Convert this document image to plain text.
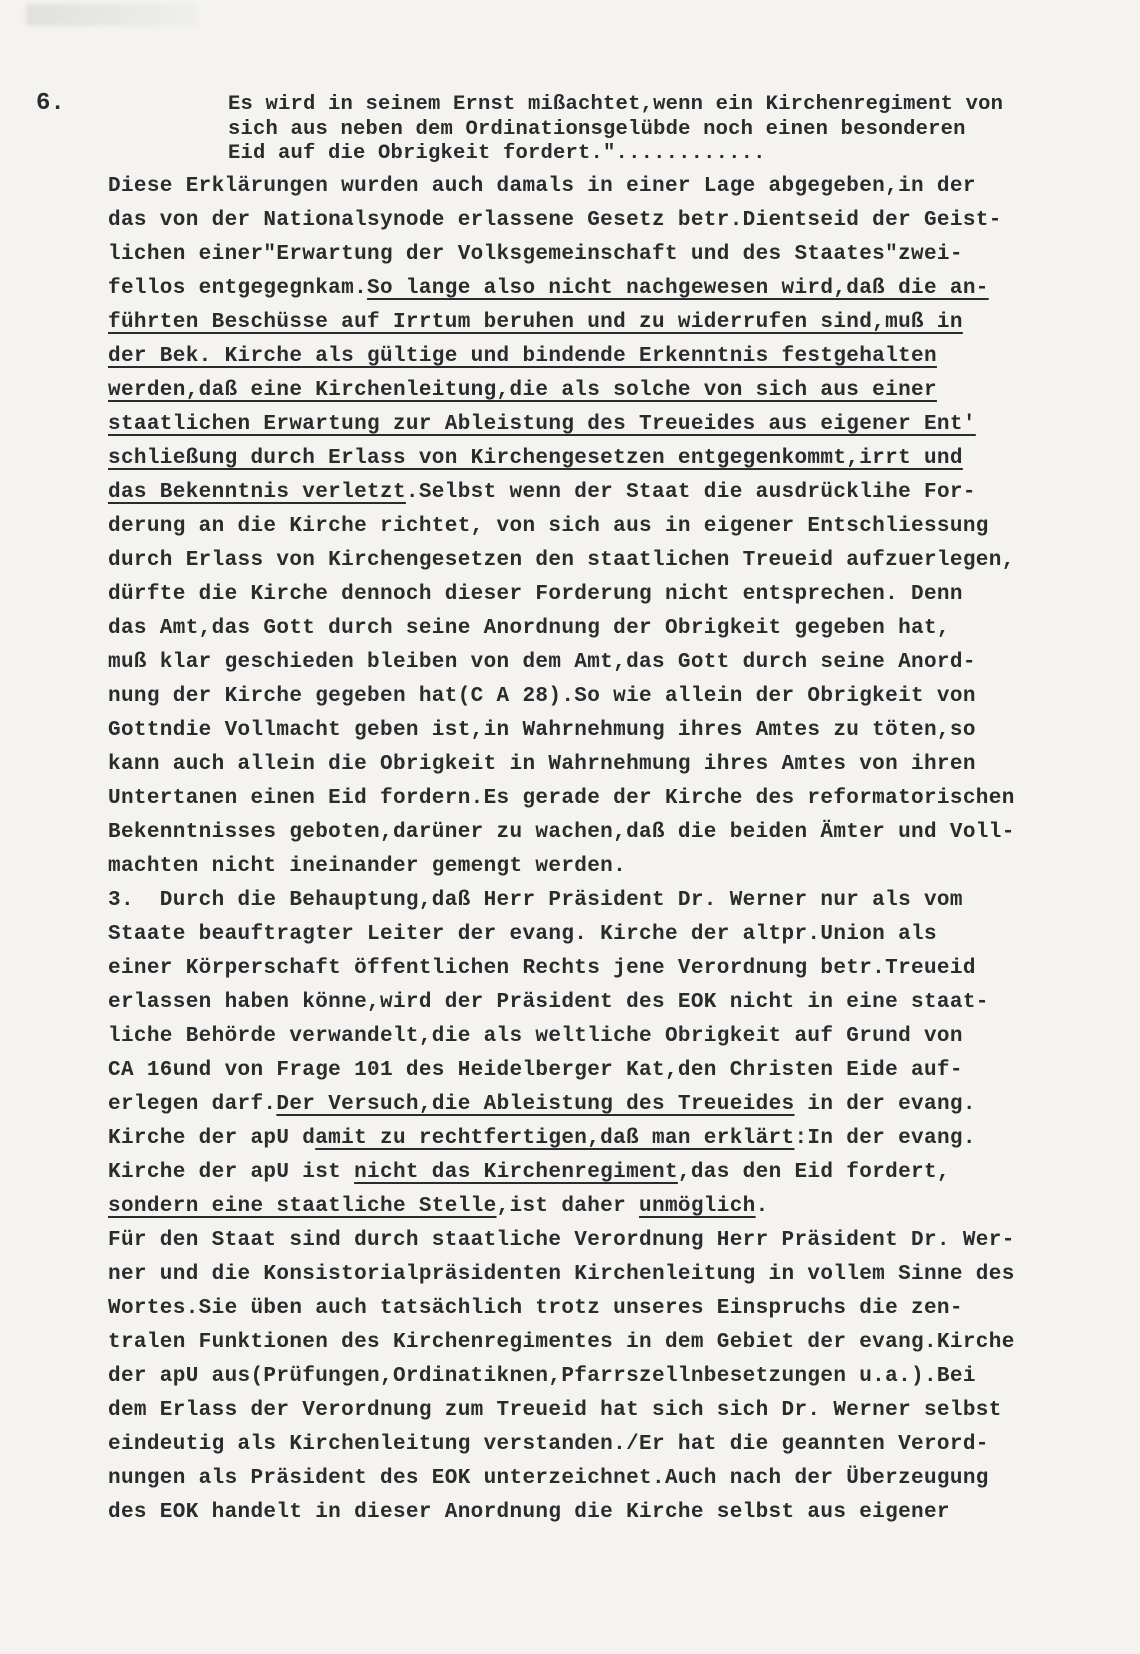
6.	Es wird in seinem Ernst mißachtet,wenn ein Kirchenregiment von
sich aus neben dem Ordinationsgelübde noch einen besonderen
Eid auf die Obrigkeit fordert."............
Diese Erklärungen wurden auch damals in einer Lage abgegeben,in der
das von der Nationalsynode erlassene Gesetz betr.Dientseid der Geist-
lichen einer"Erwartung der Volksgemeinschaft und des Staates"zwei-
fellos entgegegnkam.So lange also nicht nachgewesen wird,daß die an-
führten Beschüsse auf Irrtum beruhen und zu widerrufen sind,muß in
der Bek. Kirche als gültige und bindende Erkenntnis festgehalten
werden,daß eine Kirchenleitung,die als solche von sich aus einer
staatlichen Erwartung zur Ableistung des Treueides aus eigener Ent'
schließung durch Erlass von Kirchengesetzen entgegenkommt,irrt und
das Bekenntnis verletzt.Selbst wenn der Staat die ausdrücklihe For-
derung an die Kirche richtet, von sich aus in eigener Entschliessung
durch Erlass von Kirchengesetzen den staatlichen Treueid aufzuerlegen,
dürfte die Kirche dennoch dieser Forderung nicht entsprechen. Denn
das Amt,das Gott durch seine Anordnung der Obrigkeit gegeben hat,
muß klar geschieden bleiben von dem Amt,das Gott durch seine Anord-
nung der Kirche gegeben hat(C A 28).So wie allein der Obrigkeit von
Gottndie Vollmacht geben ist,in Wahrnehmung ihres Amtes zu töten,so
kann auch allein die Obrigkeit in Wahrnehmung ihres Amtes von ihren
Untertanen einen Eid fordern.Es gerade der Kirche des reformatorischen
Bekenntnisses geboten,darüner zu wachen,daß die beiden Ämter und Voll-
machten nicht ineinander gemengt werden.
3.  Durch die Behauptung,daß Herr Präsident Dr. Werner nur als vom
Staate beauftragter Leiter der evang. Kirche der altpr.Union als
einer Körperschaft öffentlichen Rechts jene Verordnung betr.Treueid
erlassen haben könne,wird der Präsident des EOK nicht in eine staat-
liche Behörde verwandelt,die als weltliche Obrigkeit auf Grund von
CA 16und von Frage 101 des Heidelberger Kat,den Christen Eide auf-
erlegen darf.Der Versuch,die Ableistung des Treueides in der evang.
Kirche der apU damit zu rechtfertigen,daß man erklärt:In der evang.
Kirche der apU ist nicht das Kirchenregiment,das den Eid fordert,
sondern eine staatliche Stelle,ist daher unmöglich.
Für den Staat sind durch staatliche Verordnung Herr Präsident Dr. Wer-
ner und die Konsistorialpräsidenten Kirchenleitung in vollem Sinne des
Wortes.Sie üben auch tatsächlich trotz unseres Einspruchs die zen-
tralen Funktionen des Kirchenregimentes in dem Gebiet der evang.Kirche
der apU aus(Prüfungen,Ordinatiknen,Pfarrszellnbesetzungen u.a.).Bei
dem Erlass der Verordnung zum Treueid hat sich sich Dr. Werner selbst
eindeutig als Kirchenleitung verstanden./Er hat die geannten Verord-
nungen als Präsident des EOK unterzeichnet.Auch nach der Überzeugung
des EOK handelt in dieser Anordnung die Kirche selbst aus eigener
